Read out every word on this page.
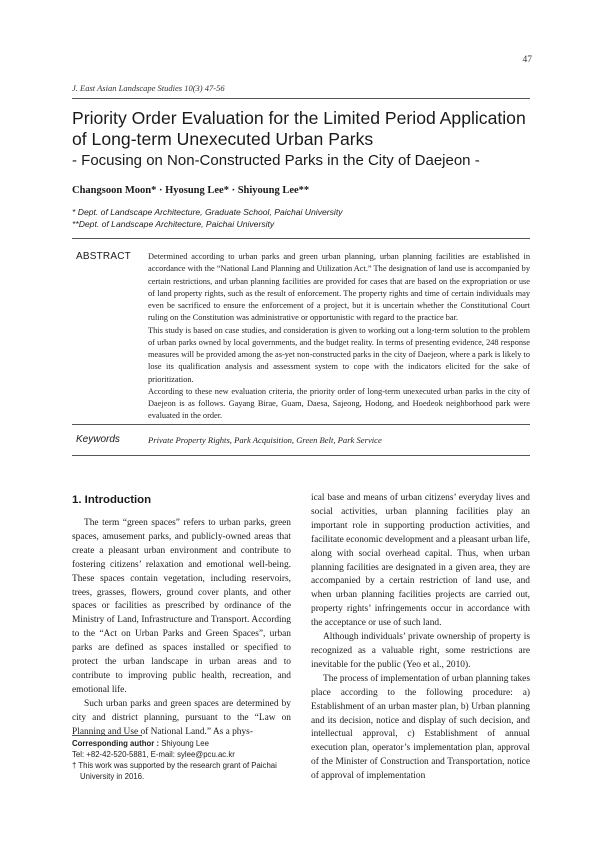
47
J. East Asian Landscape Studies 10(3) 47-56
Priority Order Evaluation for the Limited Period Application of Long-term Unexecuted Urban Parks
- Focusing on Non-Constructed Parks in the City of Daejeon -
Changsoon Moon* · Hyosung Lee* · Shiyoung Lee**
* Dept. of Landscape Architecture, Graduate School, Paichai University
**Dept. of Landscape Architecture, Paichai University
ABSTRACT Determined according to urban parks and green urban planning, urban planning facilities are established in accordance with the “National Land Planning and Utilization Act.” The designation of land use is accompanied by certain restrictions, and urban planning facilities are provided for cases that are based on the expropriation or use of land property rights, such as the result of enforcement. The property rights and time of certain individuals may even be sacrificed to ensure the enforcement of a project, but it is uncertain whether the Constitutional Court ruling on the Constitution was administrative or opportunistic with regard to the practice bar.

This study is based on case studies, and consideration is given to working out a long-term solution to the problem of urban parks owned by local governments, and the budget reality. In terms of presenting evidence, 248 response measures will be provided among the as-yet non-constructed parks in the city of Daejeon, where a park is likely to lose its qualification analysis and assessment system to cope with the indicators elicited for the sake of prioritization.

According to these new evaluation criteria, the priority order of long-term unexecuted urban parks in the city of Daejeon is as follows. Gayang Birae, Guam, Daesa, Sajeong, Hodong, and Hoedeok neighborhood park were evaluated in the order.

Keywords	Private Property Rights, Park Acquisition, Green Belt, Park Service
1. Introduction

The term “green spaces” refers to urban parks, green spaces, amusement parks, and publicly-owned areas that create a pleasant urban environment and contribute to fostering citizens’ relaxation and emotional well-being. These spaces contain vegetation, including reservoirs, trees, grasses, flowers, ground cover plants, and other spaces or facilities as prescribed by ordinance of the Ministry of Land, Infrastructure and Transport. According to the “Act on Urban Parks and Green Spaces”, urban parks are defined as spaces installed or specified to protect the urban landscape in urban areas and to contribute to improving public health, recreation, and emotional life.

Such urban parks and green spaces are determined by city and district planning, pursuant to the “Law on Planning and Use of National Land.” As a phys-

ical base and means of urban citizens’ everyday lives and social activities, urban planning facilities play an important role in supporting production activities, and facilitate economic development and a pleasant urban life, along with social overhead capital. Thus, when urban planning facilities are designated in a given area, they are accompanied by a certain restriction of land use, and when urban planning facilities projects are carried out, property rights’ infringements occur in accordance with the acceptance or use of such land.

Although individuals’ private ownership of property is recognized as a valuable right, some restrictions are inevitable for the public (Yeo et al., 2010).

The process of implementation of urban planning takes place according to the following procedure: a) Establishment of an urban master plan, b) Urban planning and its decision, notice and display of such decision, and intellectual approval, c) Establishment of annual execution plan, operator’s implementation plan, approval of the Minister of Construction and Transportation, notice of approval of implementation

Corresponding author : Shiyoung Lee
Tel: +82-42-520-5881, E-mail: sylee@pcu.ac.kr
† This work was supported by the research grant of Paichai
University in 2016.
